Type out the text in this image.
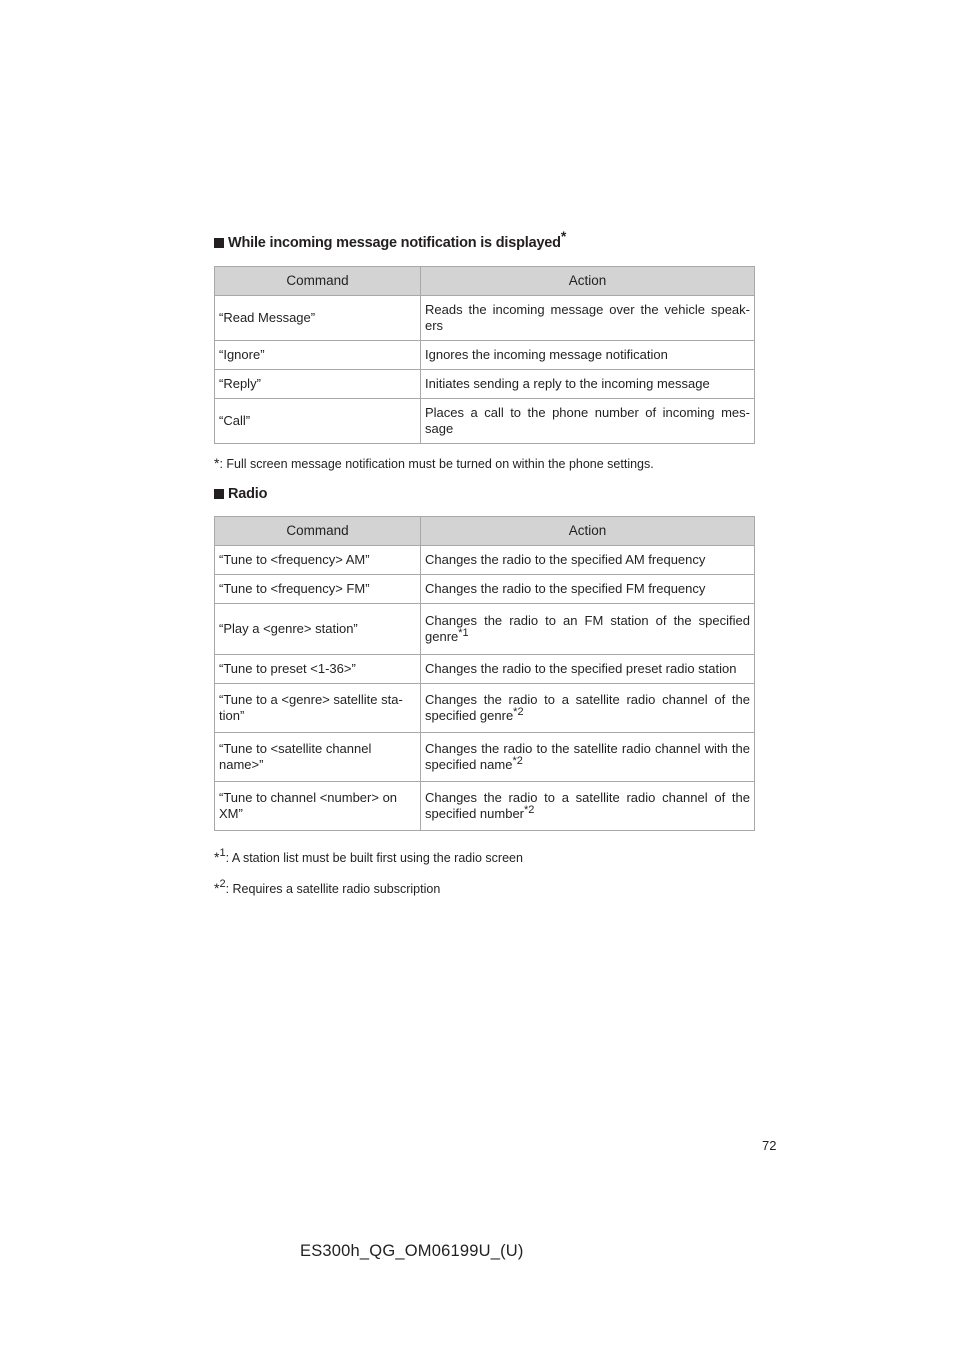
While incoming message notification is displayed*
Command	Action
“Read Message”	Reads the incoming message over the vehicle speak-ers
“Ignore”	Ignores the incoming message notification
“Reply”	Initiates sending a reply to the incoming message
“Call”	Places a call to the phone number of incoming mes-sage
*: Full screen message notification must be turned on within the phone settings.
Radio
Command	Action
“Tune to <frequency> AM”	Changes the radio to the specified AM frequency
“Tune to <frequency> FM”	Changes the radio to the specified FM frequency
“Play a <genre> station”	Changes the radio to an FM station of the specified genre$^{*1}$
“Tune to preset <1-36>”	Changes the radio to the specified preset radio station
“Tune to a <genre> satellite sta-tion”	Changes the radio to a satellite radio channel of the specified genre$^{*2}$
“Tune to <satellite channel name>”	Changes the radio to the satellite radio channel with the specified name$^{*2}$
“Tune to channel <number> on XM”	Changes the radio to a satellite radio channel of the specified number$^{*2}$
*$^1$: A station list must be built first using the radio screen
*$^2$: Requires a satellite radio subscription
72
ES300h_QG_OM06199U_(U)
